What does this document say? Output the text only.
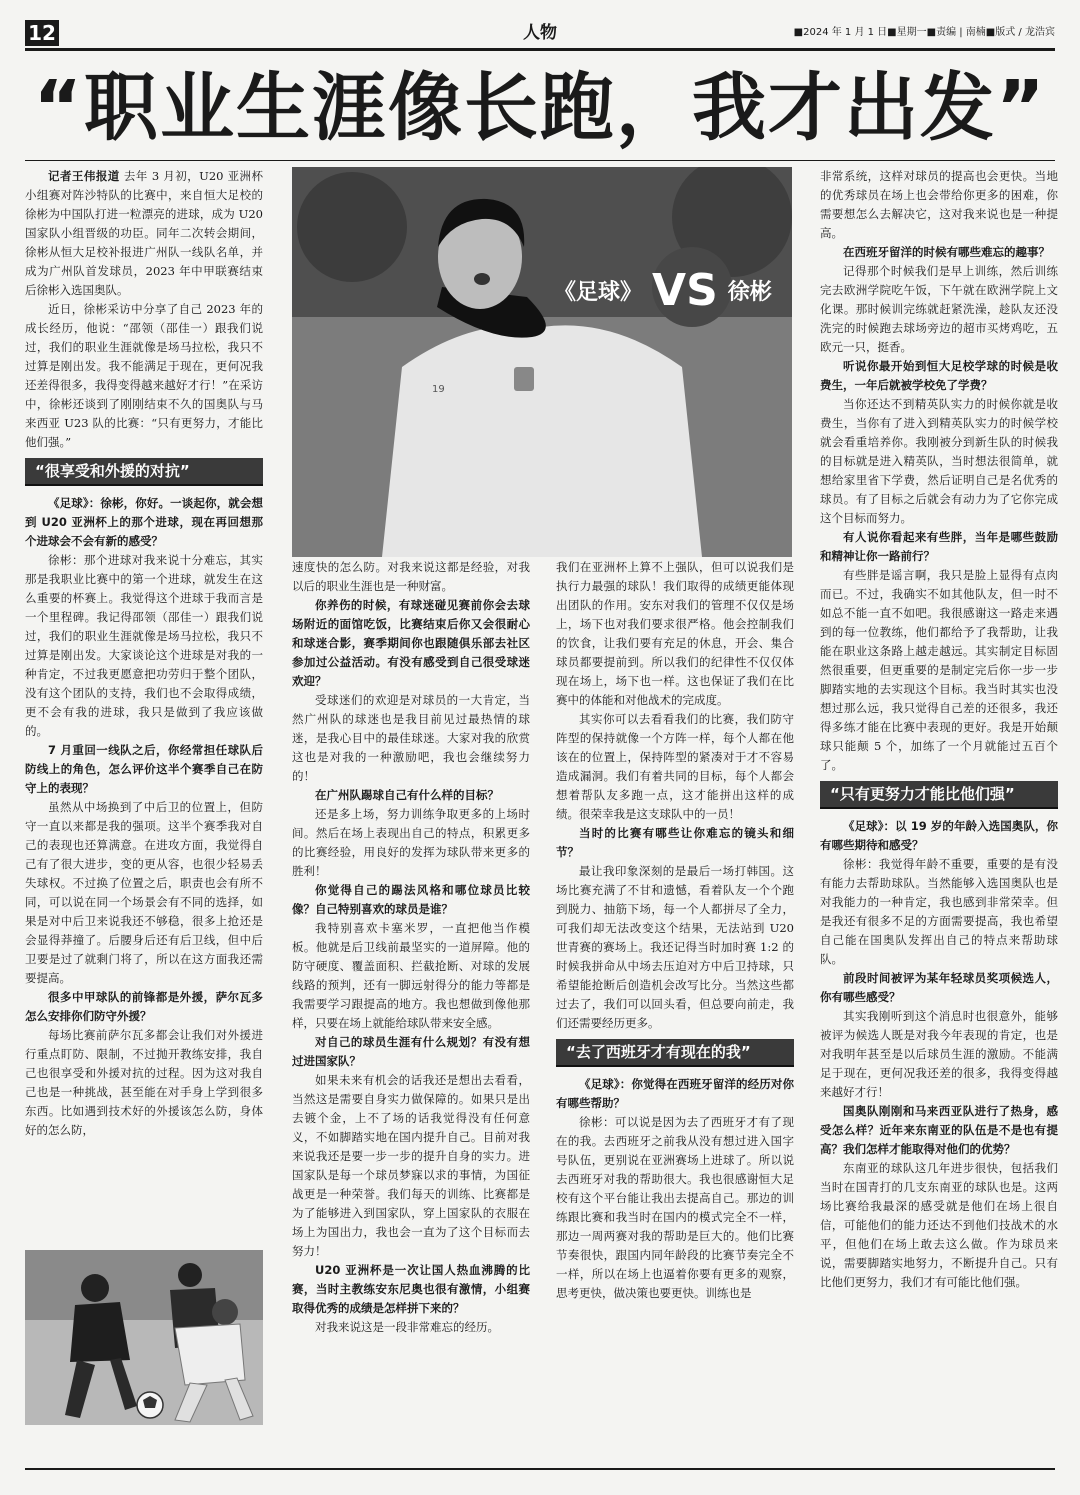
12	人物	■2024 年 1 月 1 日■星期一■责编 | 南楠■版式 / 龙浩宾
“职业生涯像长跑，我才出发”

记者王伟报道 去年 3 月初，U20 亚洲杯小组赛对阵沙特队的比赛中，来自恒大足校的徐彬为中国队打进一粒漂亮的进球，成为 U20 国家队小组晋级的功臣。同年二次转会期间，徐彬从恒大足校补报进广州队一线队名单，并成为广州队首发球员，2023 年中甲联赛结束后徐彬入选国奥队。

近日，徐彬采访中分享了自己 2023 年的成长经历，他说：“邵领（邵佳一）跟我们说过，我们的职业生涯就像是场马拉松，我只不过算是刚出发。我不能满足于现在，更何况我还差得很多，我得变得越来越好才行！”在采访中，徐彬还谈到了刚刚结束不久的国奥队与马来西亚 U23 队的比赛：“只有更努力，才能比他们强。”

“很享受和外援的对抗”

《足球》：徐彬，你好。一谈起你，就会想到 U20 亚洲杯上的那个进球，现在再回想那个进球会不会有新的感受？

徐彬：那个进球对我来说十分难忘，其实那是我职业比赛中的第一个进球，就发生在这么重要的杯赛上。我觉得这个进球于我而言是一个里程碑。我记得邵领（邵佳一）跟我们说过，我们的职业生涯就像是场马拉松，我只不过算是刚出发。大家谈论这个进球是对我的一种肯定，不过我更愿意把功劳归于整个团队，没有这个团队的支持，我们也不会取得成绩，更不会有我的进球，我只是做到了我应该做的。

7 月重回一线队之后，你经常担任球队后防线上的角色，怎么评价这半个赛季自己在防守上的表现？

虽然从中场换到了中后卫的位置上，但防守一直以来都是我的强项。这半个赛季我对自己的表现也还算满意。在进攻方面，我觉得自己有了很大进步，变的更从容，也很少轻易丢失球权。不过换了位置之后，职责也会有所不同，可以说在同一个场景会有不同的选择，如果是对中后卫来说我还不够稳，很多上抢还是会显得莽撞了。后腰身后还有后卫线，但中后卫要是过了就剩门将了，所以在这方面我还需要提高。

很多中甲球队的前锋都是外援，萨尔瓦多怎么安排你们防守外援？

每场比赛前萨尔瓦多都会让我们对外援进行重点盯防、限制，不过抛开教练安排，我自己也很享受和外援对抗的过程。因为这对我自己也是一种挑战，甚至能在对手身上学到很多东西。比如遇到技术好的外援该怎么防，身体好的怎么防，

19
《足球》 VS 徐彬

速度快的怎么防。对我来说这都是经验，对我以后的职业生涯也是一种财富。

你养伤的时候，有球迷碰见赛前你会去球场附近的面馆吃饭，比赛结束后你又会很耐心和球迷合影，赛季期间你也跟随俱乐部去社区参加过公益活动。有没有感受到自己很受球迷欢迎？

受球迷们的欢迎是对球员的一大肯定，当然广州队的球迷也是我目前见过最热情的球迷，是我心目中的最佳球迷。大家对我的欣赏这也是对我的一种激励吧，我也会继续努力的！

在广州队踢球自己有什么样的目标？

还是多上场，努力训练争取更多的上场时间。然后在场上表现出自己的特点，积累更多的比赛经验，用良好的发挥为球队带来更多的胜利！

你觉得自己的踢法风格和哪位球员比较像？自己特别喜欢的球员是谁？

我特别喜欢卡塞米罗，一直把他当作模板。他就是后卫线前最坚实的一道屏障。他的防守硬度、覆盖面积、拦截抢断、对球的发展线路的预判，还有一脚远射得分的能力等都是我需要学习跟提高的地方。我也想做到像他那样，只要在场上就能给球队带来安全感。

对自己的球员生涯有什么规划？有没有想过进国家队？

如果未来有机会的话我还是想出去看看，当然这是需要自身实力做保障的。如果只是出去镀个金，上不了场的话我觉得没有任何意义，不如脚踏实地在国内提升自己。目前对我来说我还是要一步一步的提升自身的实力。进国家队是每一个球员梦寐以求的事情，为国征战更是一种荣誉。我们每天的训练、比赛都是为了能够进入到国家队，穿上国家队的衣服在场上为国出力，我也会一直为了这个目标而去努力！

U20 亚洲杯是一次让国人热血沸腾的比赛，当时主教练安东尼奥也很有激情，小组赛取得优秀的成绩是怎样拼下来的？

对我来说这是一段非常难忘的经历。

我们在亚洲杯上算不上强队，但可以说我们是执行力最强的球队！我们取得的成绩更能体现出团队的作用。安东对我们的管理不仅仅是场上，场下也对我们要求很严格。他会控制我们的饮食，让我们要有充足的休息，开会、集合球员都要提前到。所以我们的纪律性不仅仅体现在场上，场下也一样。这也保证了我们在比赛中的体能和对他战术的完成度。

其实你可以去看看我们的比赛，我们防守阵型的保持就像一个方阵一样，每个人都在他该在的位置上，保持阵型的紧凑对于才不容易造成漏洞。我们有着共同的目标，每个人都会想着帮队友多跑一点，这才能拼出这样的成绩。很荣幸我是这支球队中的一员！

当时的比赛有哪些让你难忘的镜头和细节？

最让我印象深刻的是最后一场打韩国。这场比赛充满了不甘和遗憾，看着队友一个个跑到脱力、抽筋下场，每一个人都拼尽了全力，可我们却无法改变这个结果，无法站到 U20 世青赛的赛场上。我还记得当时加时赛 1:2 的时候我拼命从中场去压迫对方中后卫持球，只希望能抢断后创造机会改写比分。当然这些都过去了，我们可以回头看，但总要向前走，我们还需要经历更多。

“去了西班牙才有现在的我”

《足球》：你觉得在西班牙留洋的经历对你有哪些帮助？

徐彬：可以说是因为去了西班牙才有了现在的我。去西班牙之前我从没有想过进入国字号队伍，更别说在亚洲赛场上进球了。所以说去西班牙对我的帮助很大。我也很感谢恒大足校有这个平台能让我出去提高自己。那边的训练跟比赛和我当时在国内的模式完全不一样，那边一周两赛对我的帮助是巨大的。他们比赛节奏很快，跟国内同年龄段的比赛节奏完全不一样，所以在场上也逼着你要有更多的观察，思考更快，做决策也要更快。训练也是

非常系统，这样对球员的提高也会更快。当地的优秀球员在场上也会带给你更多的困难，你需要想怎么去解决它，这对我来说也是一种提高。

在西班牙留洋的时候有哪些难忘的趣事？

记得那个时候我们是早上训练，然后训练完去欧洲学院吃午饭，下午就在欧洲学院上文化课。那时候训完练就赶紧洗澡，趁队友还没洗完的时候跑去球场旁边的超市买烤鸡吃，五欧元一只，挺香。

听说你最开始到恒大足校学球的时候是收费生，一年后就被学校免了学费？

当你还达不到精英队实力的时候你就是收费生，当你有了进入到精英队实力的时候学校就会看重培养你。我刚被分到新生队的时候我的目标就是进入精英队，当时想法很简单，就想给家里省下学费，然后证明自己是名优秀的球员。有了目标之后就会有动力为了它你完成这个目标而努力。

有人说你看起来有些胖，当年是哪些鼓励和精神让你一路前行？

有些胖是谣言啊，我只是脸上显得有点肉而已。不过，我确实不如其他队友，但一时不如总不能一直不如吧。我很感谢这一路走来遇到的每一位教练，他们都给予了我帮助，让我能在职业这条路上越走越远。其实制定目标固然很重要，但更重要的是制定完后你一步一步脚踏实地的去实现这个目标。我当时其实也没想过那么远，我只觉得自己差的还很多，我还得多练才能在比赛中表现的更好。我是开始颠球只能颠 5 个，加练了一个月就能过五百个了。

“只有更努力才能比他们强”

《足球》：以 19 岁的年龄入选国奥队，你有哪些期待和感受？

徐彬：我觉得年龄不重要，重要的是有没有能力去帮助球队。当然能够入选国奥队也是对我能力的一种肯定，我也感到非常荣幸。但是我还有很多不足的方面需要提高，我也希望自己能在国奥队发挥出自己的特点来帮助球队。

前段时间被评为某年轻球员奖项候选人，你有哪些感受？

其实我刚听到这个消息时也很意外，能够被评为候选人既是对我今年表现的肯定，也是对我明年甚至是以后球员生涯的激励。不能满足于现在，更何况我还差的很多，我得变得越来越好才行！

国奥队刚刚和马来西亚队进行了热身，感受怎么样？近年来东南亚的队伍是不是也有提高？我们怎样才能取得对他们的优势？

东南亚的球队这几年进步很快，包括我们当时在国青打的几支东南亚的球队也是。这两场比赛给我最深的感受就是他们在场上很自信，可能他们的能力还达不到他们技战术的水平，但他们在场上敢去这么做。作为球员来说，需要脚踏实地努力，不断提升自己。只有比他们更努力，我们才有可能比他们强。
